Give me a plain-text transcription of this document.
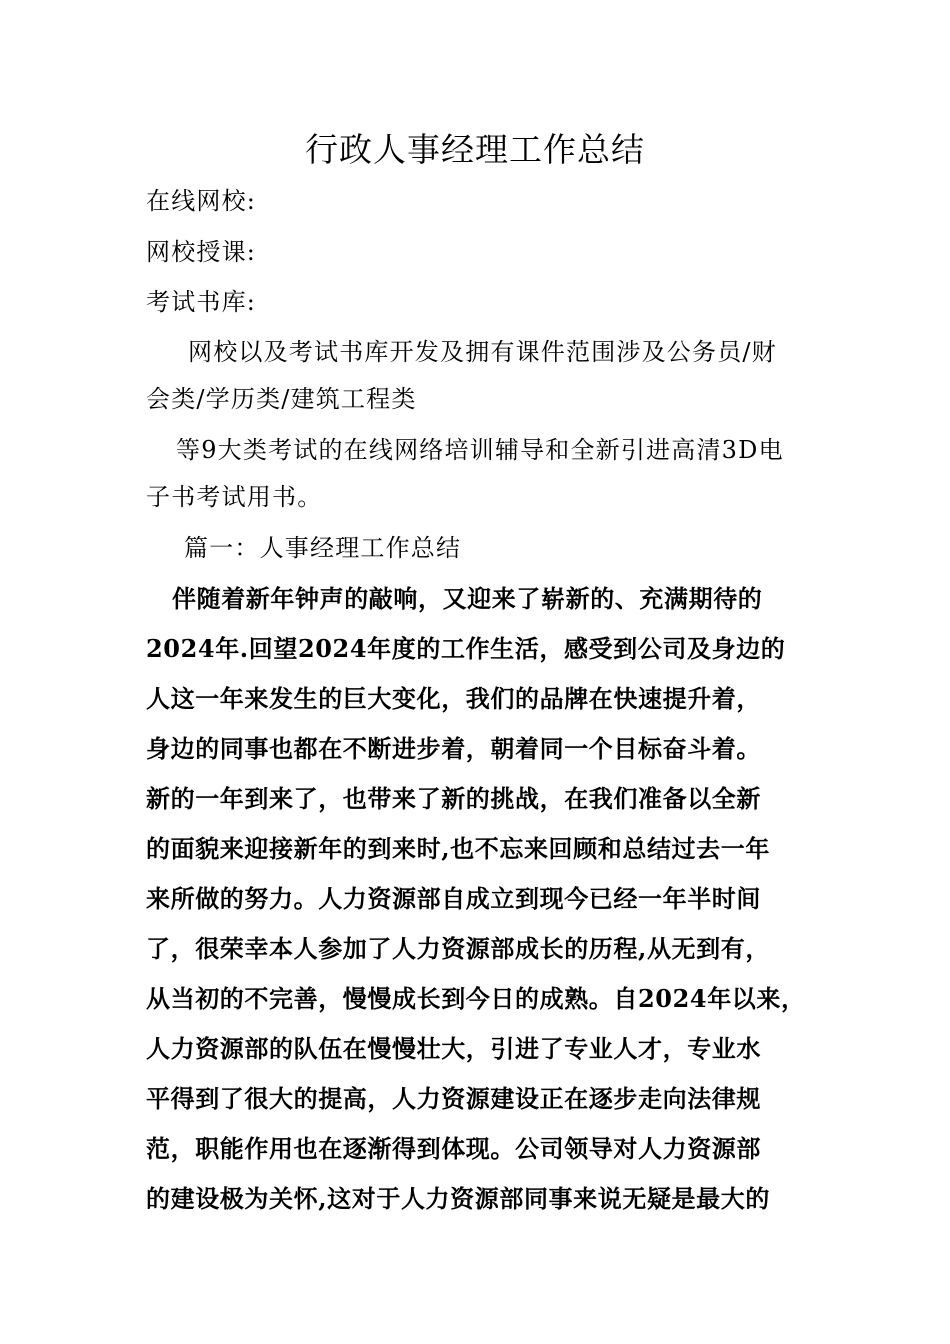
行政人事经理工作总结
在线网校:
网校授课:
考试书库:
网校以及考试书库开发及拥有课件范围涉及公务员/财
会类/学历类/建筑工程类
等9大类考试的在线网络培训辅导和全新引进高清3D电
子书考试用书。
篇一：人事经理工作总结
伴随着新年钟声的敲响，又迎来了崭新的、充满期待的
2024年.回望2024年度的工作生活，感受到公司及身边的
人这一年来发生的巨大变化，我们的品牌在快速提升着，
身边的同事也都在不断进步着，朝着同一个目标奋斗着。
新的一年到来了，也带来了新的挑战，在我们准备以全新
的面貌来迎接新年的到来时,也不忘来回顾和总结过去一年
来所做的努力。人力资源部自成立到现今已经一年半时间
了，很荣幸本人参加了人力资源部成长的历程,从无到有，
从当初的不完善，慢慢成长到今日的成熟。自2024年以来，
人力资源部的队伍在慢慢壮大，引进了专业人才，专业水
平得到了很大的提高，人力资源建设正在逐步走向法律规
范，职能作用也在逐渐得到体现。公司领导对人力资源部
的建设极为关怀,这对于人力资源部同事来说无疑是最大的
